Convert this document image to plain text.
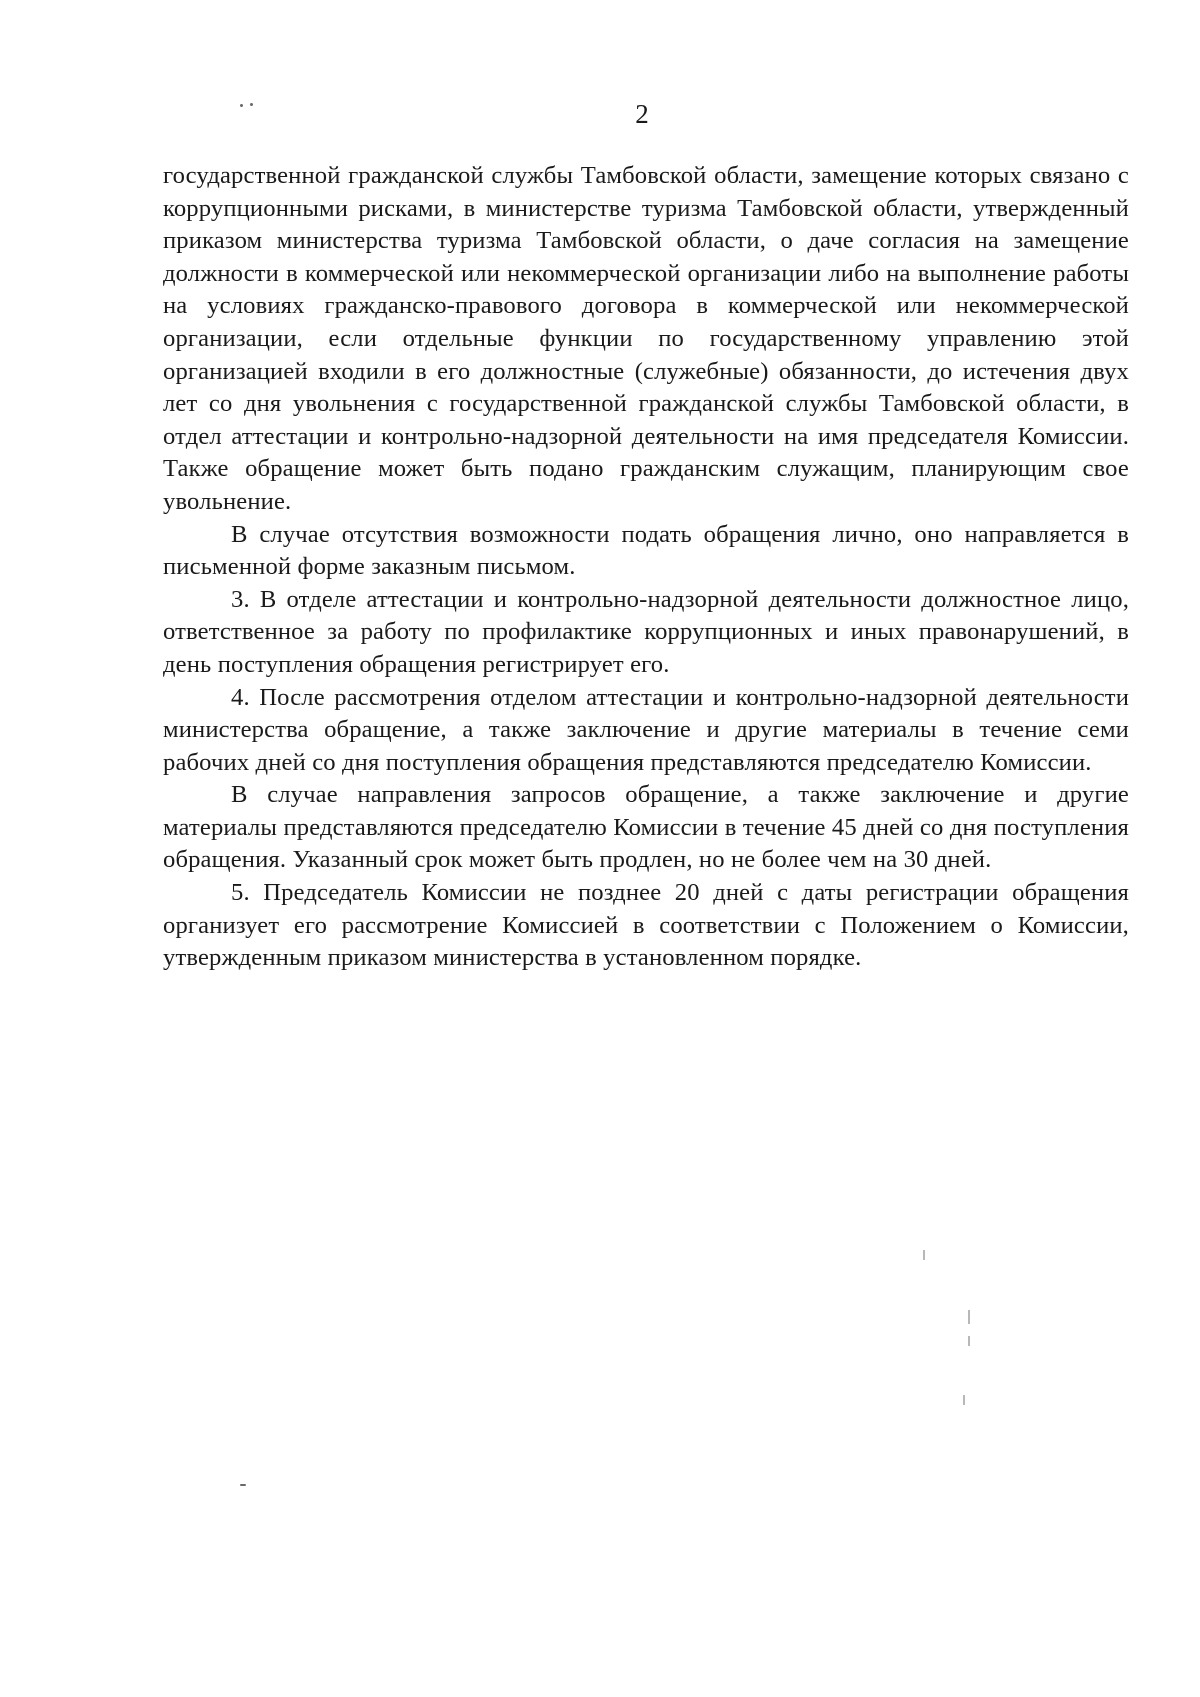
2

государственной гражданской службы Тамбовской области, замещение которых связано с коррупционными рисками, в министерстве туризма Тамбовской области, утвержденный приказом министерства туризма Тамбовской области, о даче согласия на замещение должности в коммерческой или некоммерческой организации либо на выполнение работы на условиях гражданско-правового договора в коммерческой или некоммерческой организации, если отдельные функции по государственному управлению этой организацией входили в его должностные (служебные) обязанности, до истечения двух лет со дня увольнения с государственной гражданской службы Тамбовской области, в отдел аттестации и контрольно-надзорной деятельности на имя председателя Комиссии. Также обращение может быть подано гражданским служащим, планирующим свое увольнение.

В случае отсутствия возможности подать обращения лично, оно направляется в письменной форме заказным письмом.

3. В отделе аттестации и контрольно-надзорной деятельности должностное лицо, ответственное за работу по профилактике коррупционных и иных правонарушений, в день поступления обращения регистрирует его.

4. После рассмотрения отделом аттестации и контрольно-надзорной деятельности министерства обращение, а также заключение и другие материалы в течение семи рабочих дней со дня поступления обращения представляются председателю Комиссии.

В случае направления запросов обращение, а также заключение и другие материалы представляются председателю Комиссии в течение 45 дней со дня поступления обращения. Указанный срок может быть продлен, но не более чем на 30 дней.

5. Председатель Комиссии не позднее 20 дней с даты регистрации обращения организует его рассмотрение Комиссией в соответствии с Положением о Комиссии, утвержденным приказом министерства в установленном порядке.
